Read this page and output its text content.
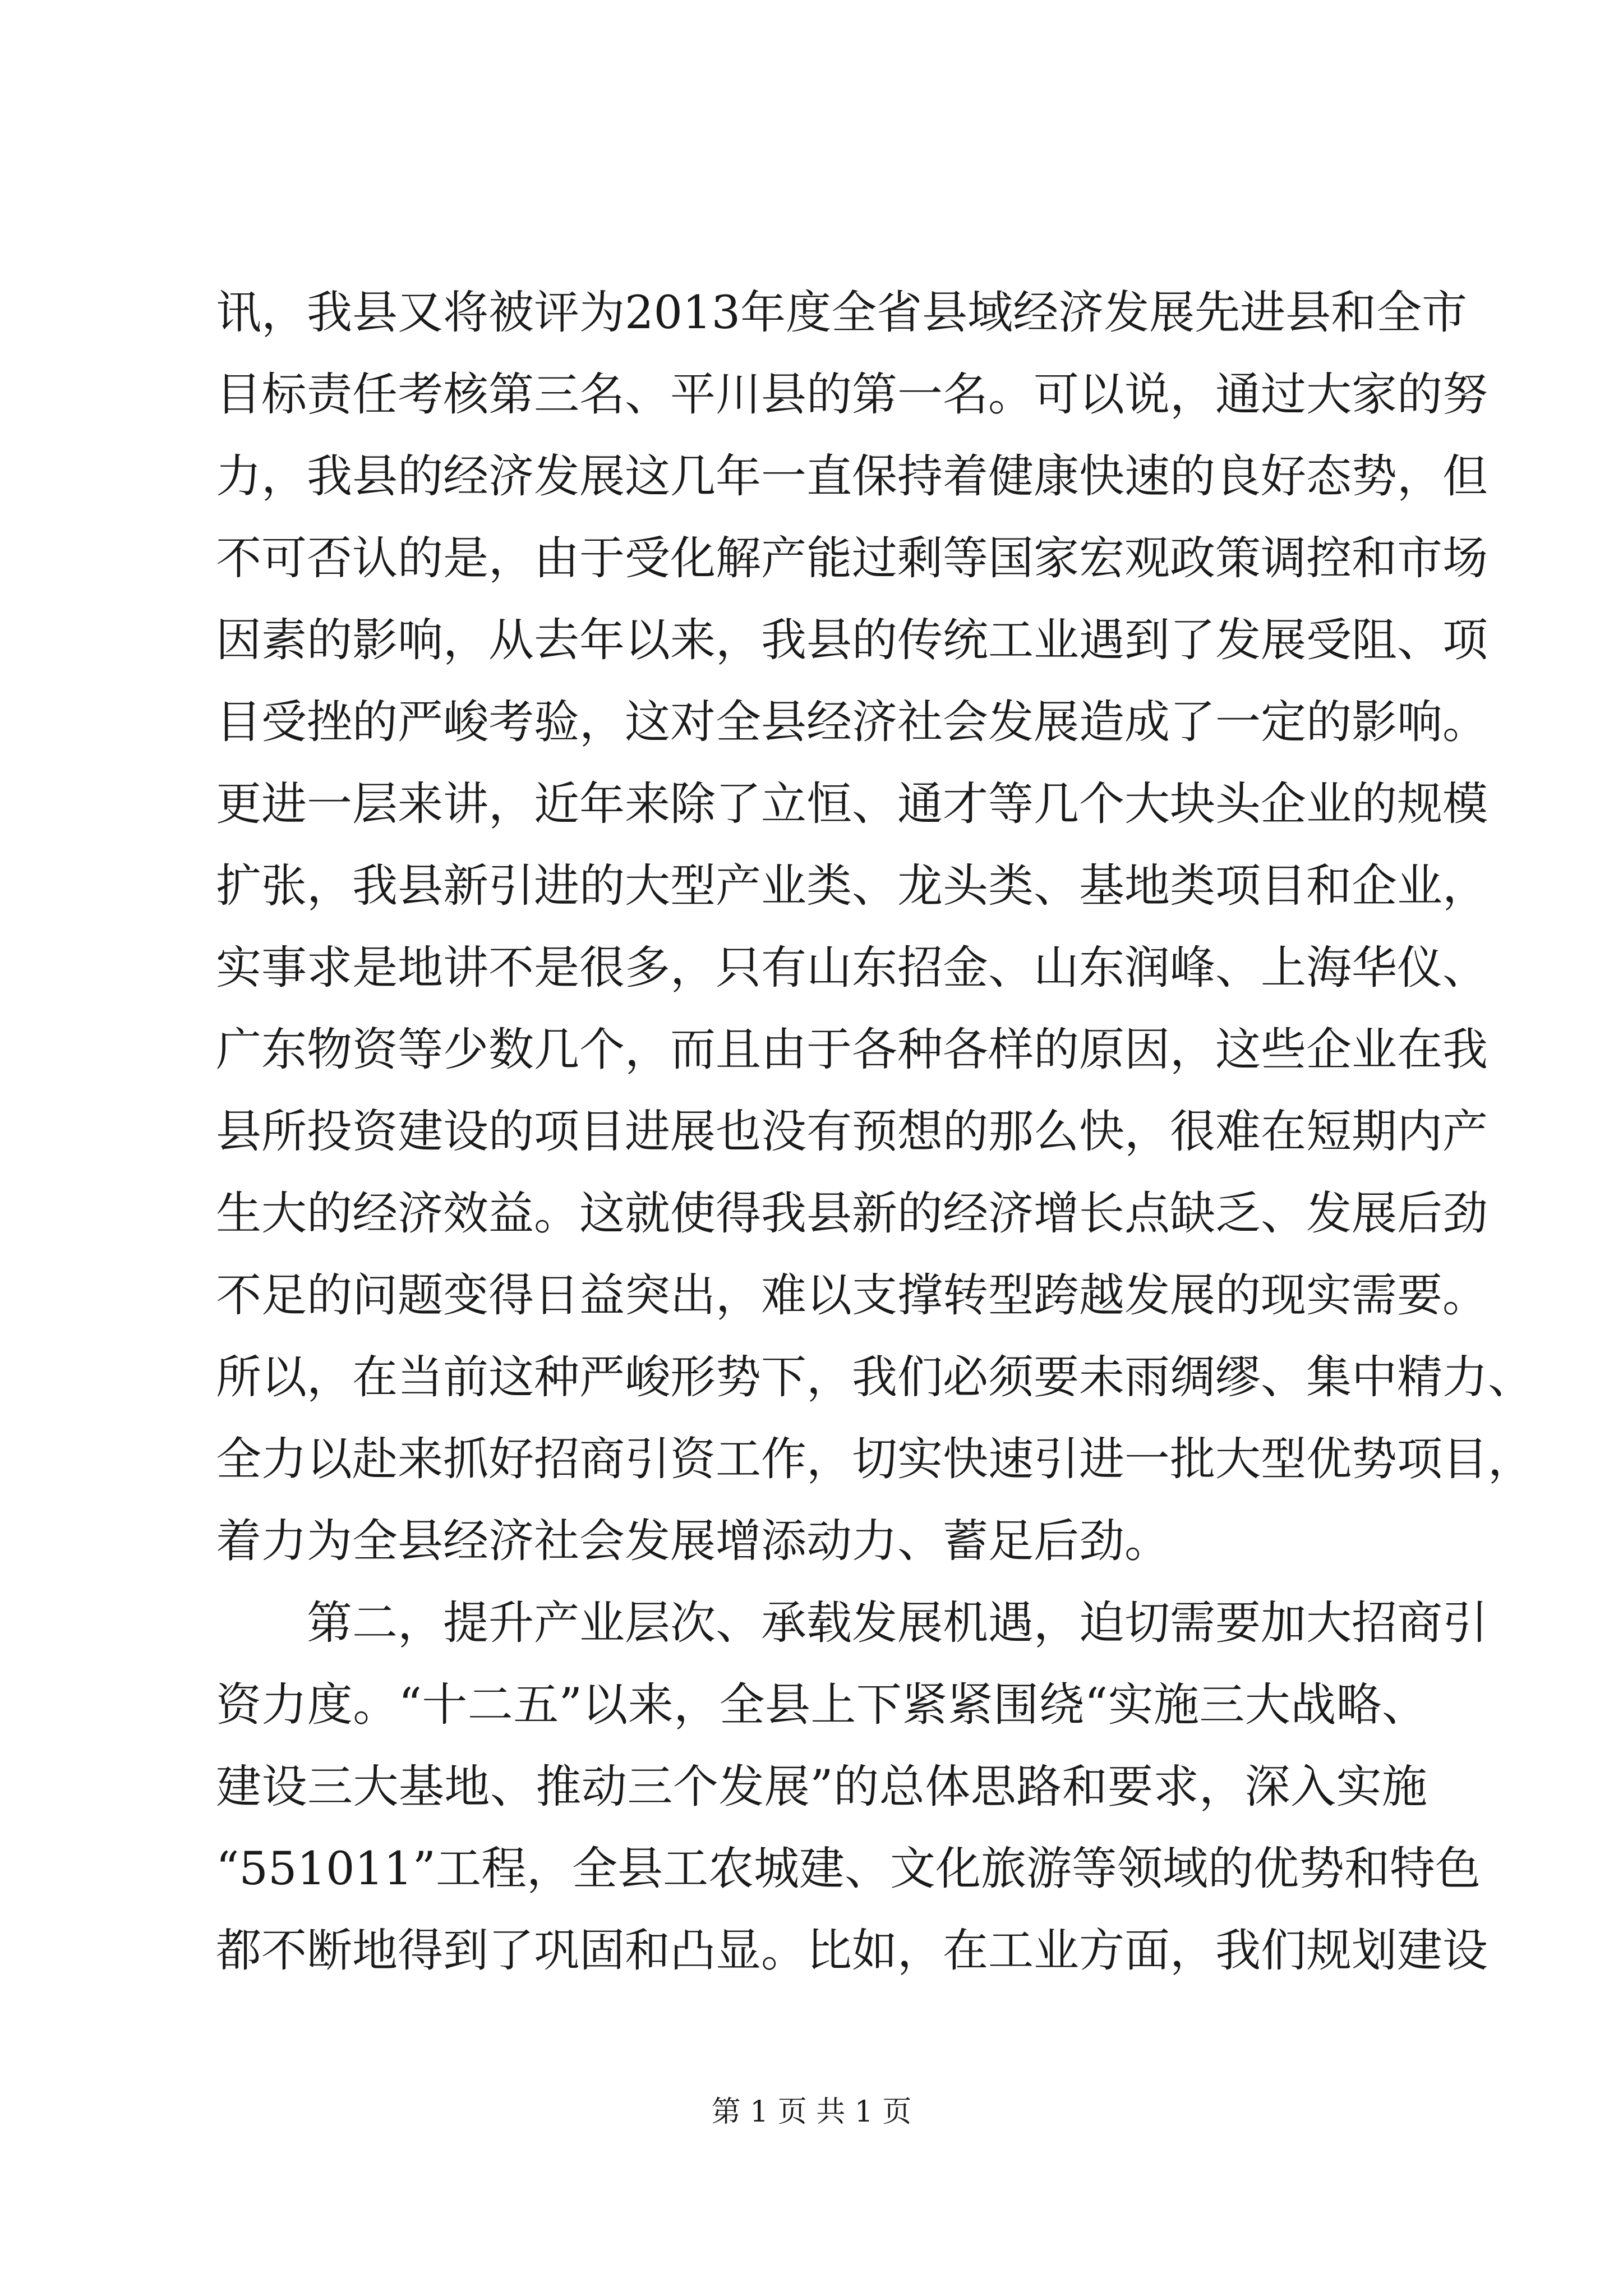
讯，我县又将被评为2013年度全省县域经济发展先进县和全市
目标责任考核第三名、平川县的第一名。可以说，通过大家的努
力，我县的经济发展这几年一直保持着健康快速的良好态势，但
不可否认的是，由于受化解产能过剩等国家宏观政策调控和市场
因素的影响，从去年以来，我县的传统工业遇到了发展受阻、项
目受挫的严峻考验，这对全县经济社会发展造成了一定的影响。
更进一层来讲，近年来除了立恒、通才等几个大块头企业的规模
扩张，我县新引进的大型产业类、龙头类、基地类项目和企业，
实事求是地讲不是很多，只有山东招金、山东润峰、上海华仪、
广东物资等少数几个，而且由于各种各样的原因，这些企业在我
县所投资建设的项目进展也没有预想的那么快，很难在短期内产
生大的经济效益。这就使得我县新的经济增长点缺乏、发展后劲
不足的问题变得日益突出，难以支撑转型跨越发展的现实需要。
所以，在当前这种严峻形势下，我们必须要未雨绸缪、集中精力、
全力以赴来抓好招商引资工作，切实快速引进一批大型优势项目，
着力为全县经济社会发展增添动力、蓄足后劲。
第二，提升产业层次、承载发展机遇，迫切需要加大招商引
资力度。“十二五”以来，全县上下紧紧围绕“实施三大战略、
建设三大基地、推动三个发展”的总体思路和要求，深入实施
“551011”工程，全县工农城建、文化旅游等领域的优势和特色
都不断地得到了巩固和凸显。比如，在工业方面，我们规划建设
第 1 页 共 1 页
